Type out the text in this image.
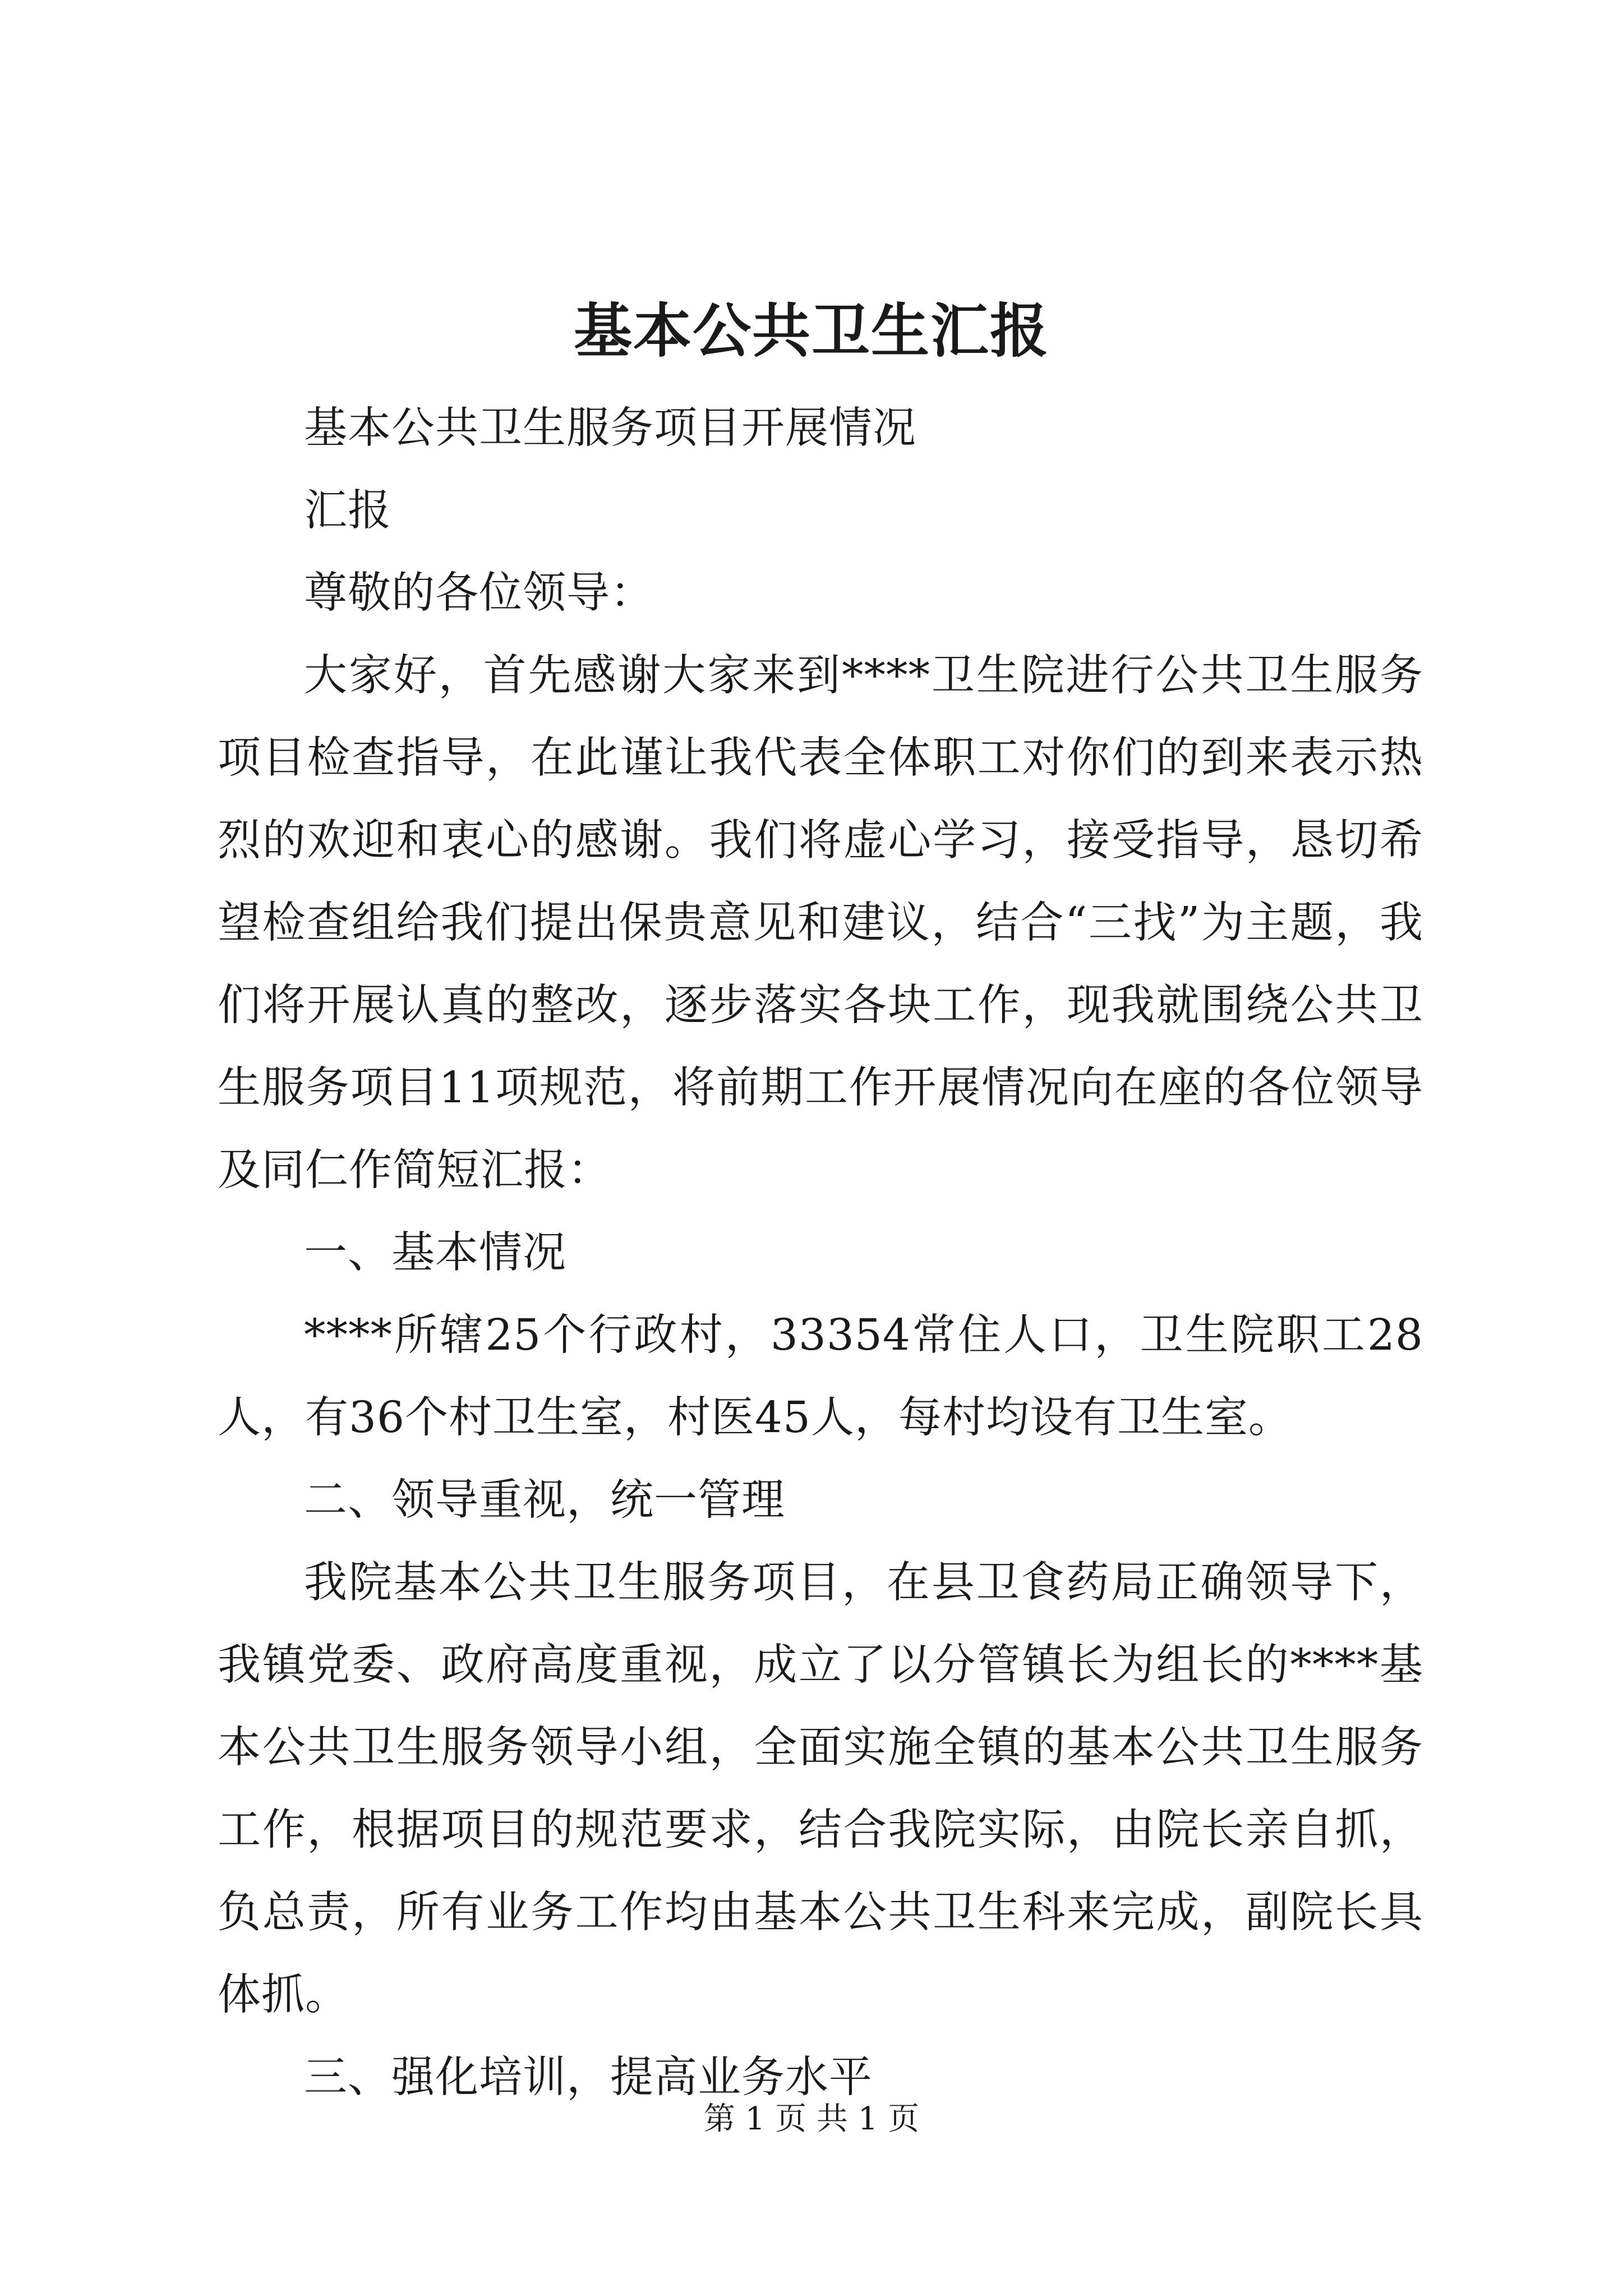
基本公共卫生汇报

基本公共卫生服务项目开展情况

汇报

尊敬的各位领导：

大家好，首先感谢大家来到****卫生院进行公共卫生服务项目检查指导，在此谨让我代表全体职工对你们的到来表示热烈的欢迎和衷心的感谢。我们将虚心学习，接受指导，恳切希望检查组给我们提出保贵意见和建议，结合“三找”为主题，我们将开展认真的整改，逐步落实各块工作，现我就围绕公共卫生服务项目11项规范，将前期工作开展情况向在座的各位领导及同仁作简短汇报：

一、基本情况

****所辖25个行政村，33354常住人口，卫生院职工28人，有36个村卫生室，村医45人，每村均设有卫生室。

二、领导重视，统一管理

我院基本公共卫生服务项目，在县卫食药局正确领导下，我镇党委、政府高度重视，成立了以分管镇长为组长的****基本公共卫生服务领导小组，全面实施全镇的基本公共卫生服务工作，根据项目的规范要求，结合我院实际，由院长亲自抓，负总责，所有业务工作均由基本公共卫生科来完成，副院长具体抓。

三、强化培训，提高业务水平

第 1 页 共 1 页
